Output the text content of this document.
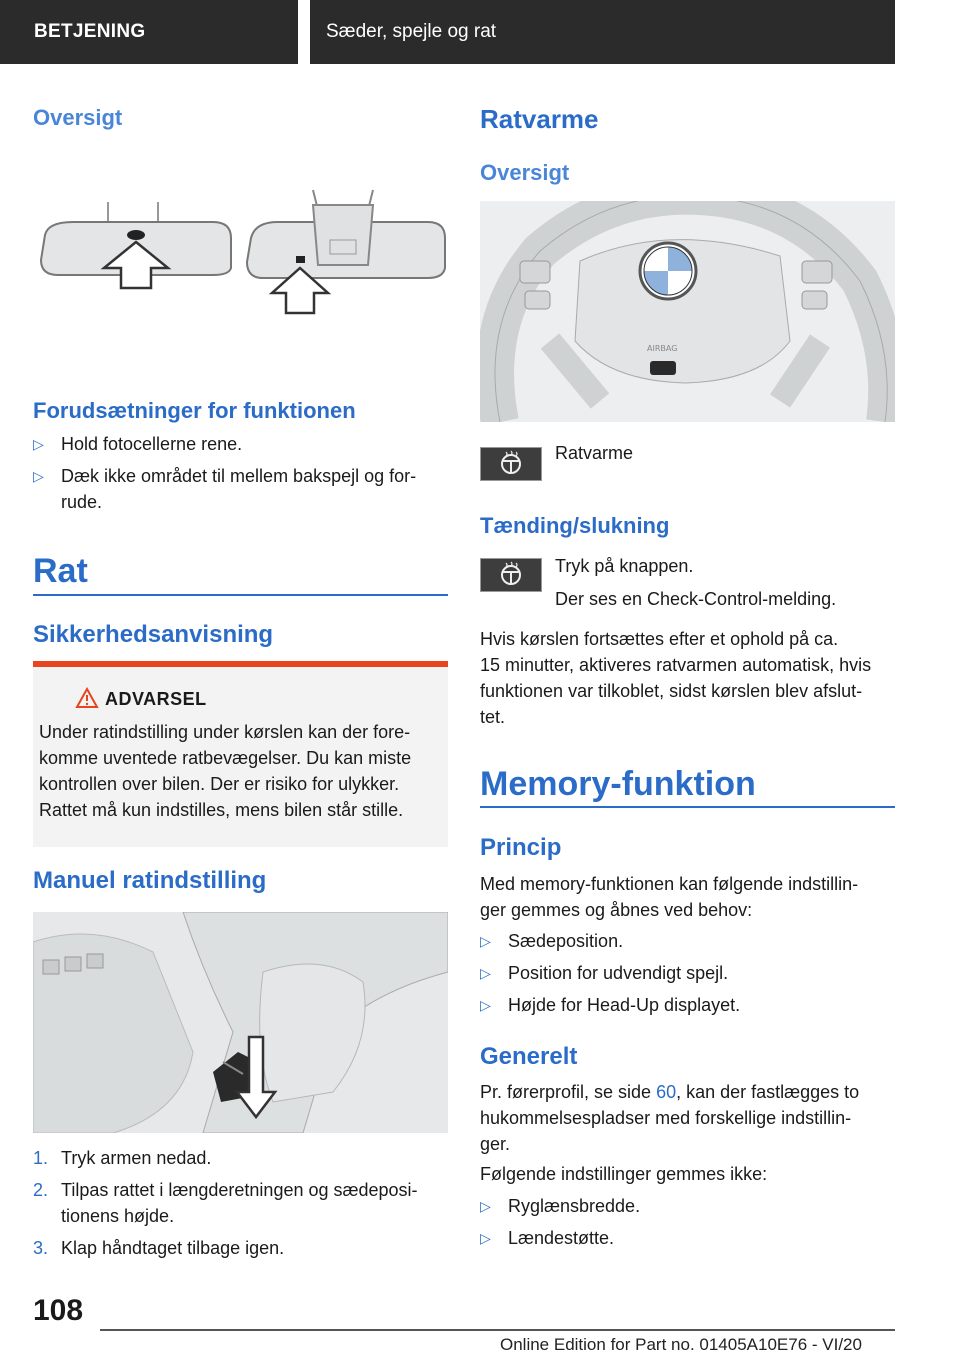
BETJENING	Sæder, spejle og rat
Oversigt
Forudsætninger for funktionen
▷ Hold fotocellerne rene.
▷ Dæk ikke området til mellem bakspejl og for-
rude.
Rat
Sikkerhedsanvisning
ADVARSEL
Under ratindstilling under kørslen kan der fore-
komme uventede ratbevægelser. Du kan miste
kontrollen over bilen. Der er risiko for ulykker.
Rattet må kun indstilles, mens bilen står stille.
Manuel ratindstilling
1. Tryk armen nedad.
2. Tilpas rattet i længderetningen og sædeposi-
tionens højde.
3. Klap håndtaget tilbage igen.
Ratvarme
Oversigt
AIRBAG
Ratvarme
Tænding/slukning
Tryk på knappen.
Der ses en Check-Control-melding.
Hvis kørslen fortsættes efter et ophold på ca.
15 minutter, aktiveres ratvarmen automatisk, hvis
funktionen var tilkoblet, sidst kørslen blev afslut-
tet.
Memory-funktion
Princip
Med memory-funktionen kan følgende indstillin-
ger gemmes og åbnes ved behov:
▷ Sædeposition.
▷ Position for udvendigt spejl.
▷ Højde for Head-Up displayet.
Generelt
Pr. førerprofil, se side 60, kan der fastlægges to
hukommelsespladser med forskellige indstillin-
ger.
Følgende indstillinger gemmes ikke:
▷ Ryglænsbredde.
▷ Lændestøtte.
108
Online Edition for Part no. 01405A10E76 - VI/20
